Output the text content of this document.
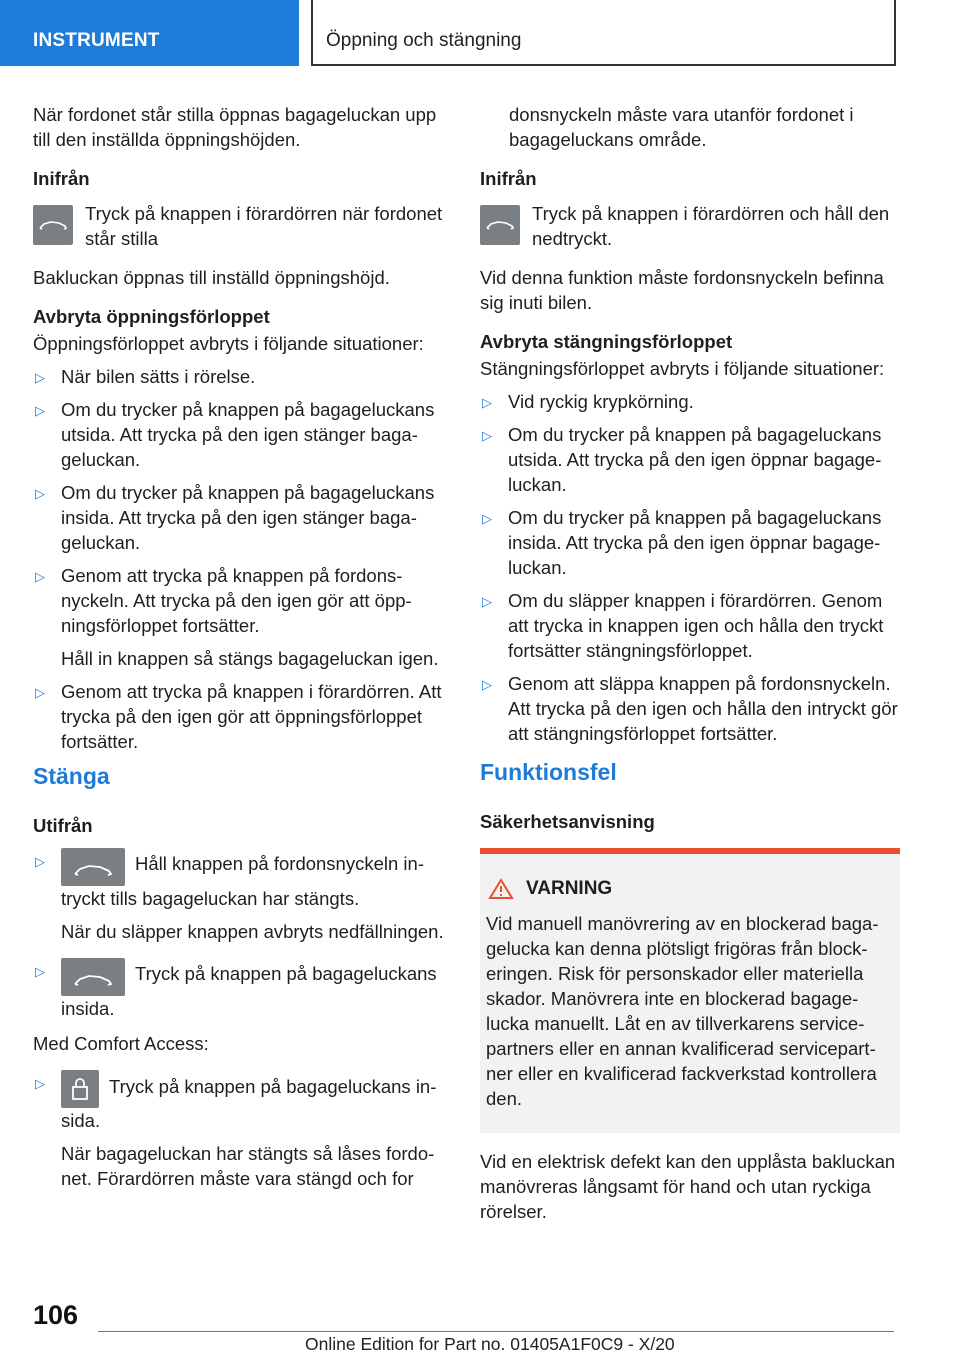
INSTRUMENT	Öppning och stängning

När fordonet står stilla öppnas bagageluckan upp till den inställda öppningshöjden.

Inifrån
Tryck på knappen i förardörren när fordonet står stilla

Bakluckan öppnas till inställd öppningshöjd.

Avbryta öppningsförloppet

Öppningsförloppet avbryts i följande situationer:

▷ När bilen sätts i rörelse.
▷ Om du trycker på knappen på bagageluckans utsida. Att trycka på den igen stänger bagageluckan.
▷ Om du trycker på knappen på bagageluckans insida. Att trycka på den igen stänger bagageluckan.
▷ Genom att trycka på knappen på fordonsnyckeln. Att trycka på den igen gör att öppningsförloppet fortsätter.
Håll in knappen så stängs bagageluckan igen.
▷ Genom att trycka på knappen i förardörren. Att trycka på den igen gör att öppningsförloppet fortsätter.
Stänga
Utifrån
▷	Håll knappen på fordonsnyckeln intryckt tills bagageluckan har stängts.
När du släpper knappen avbryts nedfällningen.
▷	Tryck på knappen på bagageluckans insida.

Med Comfort Access:

▷	Tryck på knappen på bagageluckans insida.
När bagageluckan har stängts så låses fordonet. Förardörren måste vara stängd och for

donsnyckeln måste vara utanför fordonet i bagageluckans område.

Inifrån
Tryck på knappen i förardörren och håll den nedtryckt.

Vid denna funktion måste fordonsnyckeln befinna sig inuti bilen.

Avbryta stängningsförloppet

Stängningsförloppet avbryts i följande situationer:

▷ Vid ryckig krypkörning.
▷ Om du trycker på knappen på bagageluckans utsida. Att trycka på den igen öppnar bagageluckan.
▷ Om du trycker på knappen på bagageluckans insida. Att trycka på den igen öppnar bagageluckan.
▷ Om du släpper knappen i förardörren. Genom att trycka in knappen igen och hålla den tryckt fortsätter stängningsförloppet.
▷ Genom att släppa knappen på fordonsnyckeln. Att trycka på den igen och hålla den intryckt gör att stängningsförloppet fortsätter.
Funktionsfel
Säkerhetsanvisning
VARNING

Vid manuell manövrering av en blockerad bagagelucka kan denna plötsligt frigöras från blockeringen. Risk för personskador eller materiella skador. Manövrera inte en blockerad bagagelucka manuellt. Låt en av tillverkarens servicepartners eller en annan kvalificerad servicepartner eller en kvalificerad fackverkstad kontrollera den.

Vid en elektrisk defekt kan den upplåsta bakluckan manövreras långsamt för hand och utan ryckiga rörelser.

106
Online Edition for Part no. 01405A1F0C9 - X/20
